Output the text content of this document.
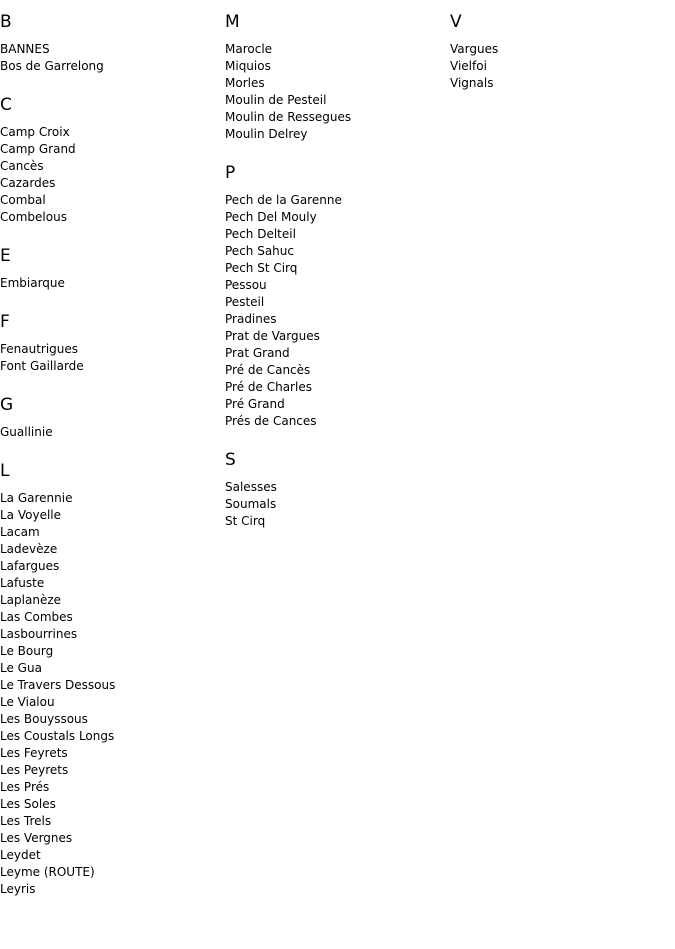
B
BANNES
Bos de Garrelong
C
Camp Croix
Camp Grand
Cancès
Cazardes
Combal
Combelous
E
Embiarque
F
Fenautrigues
Font Gaillarde
G
Guallinie
L
La Garennie
La Voyelle
Lacam
Ladevèze
Lafargues
Lafuste
Laplanèze
Las Combes
Lasbourrines
Le Bourg
Le Gua
Le Travers Dessous
Le Vialou
Les Bouyssous
Les Coustals Longs
Les Feyrets
Les Peyrets
Les Prés
Les Soles
Les Trels
Les Vergnes
Leydet
Leyme (ROUTE)
Leyris
M
Marocle
Miquios
Morles
Moulin de Pesteil
Moulin de Ressegues
Moulin Delrey
P
Pech de la Garenne
Pech Del Mouly
Pech Delteil
Pech Sahuc
Pech St Cirq
Pessou
Pesteil
Pradines
Prat de Vargues
Prat Grand
Pré de Cancès
Pré de Charles
Pré Grand
Prés de Cances
S
Salesses
Soumals
St Cirq
V
Vargues
Vielfoi
Vignals
